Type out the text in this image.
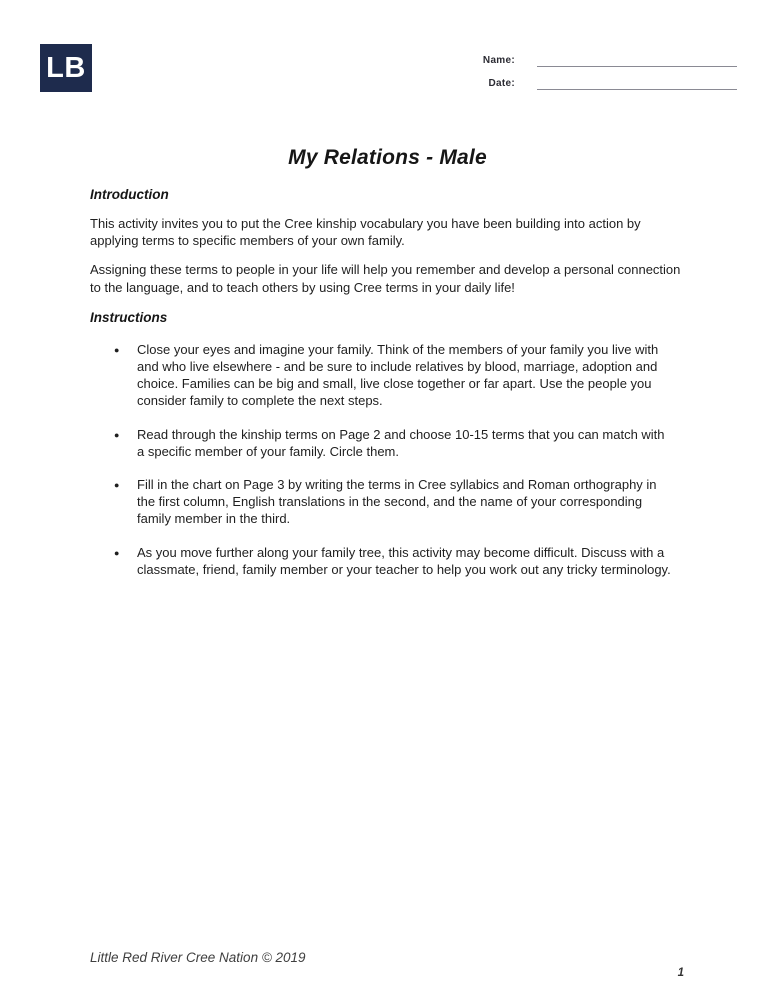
LB	Name:
Date:
My Relations - Male
Introduction

This activity invites you to put the Cree kinship vocabulary you have been building into action by applying terms to specific members of your own family.

Assigning these terms to people in your life will help you remember and develop a personal connection to the language, and to teach others by using Cree terms in your daily life!

Instructions
● Close your eyes and imagine your family. Think of the members of your family you live with and who live elsewhere - and be sure to include relatives by blood, marriage, adoption and choice. Families can be big and small, live close together or far apart. Use the people you consider family to complete the next steps.
● Read through the kinship terms on Page 2 and choose 10-15 terms that you can match with a specific member of your family. Circle them.
● Fill in the chart on Page 3 by writing the terms in Cree syllabics and Roman orthography in the first column, English translations in the second, and the name of your corresponding family member in the third.
● As you move further along your family tree, this activity may become difficult. Discuss with a classmate, friend, family member or your teacher to help you work out any tricky terminology.
Little Red River Cree Nation © 2019
1
